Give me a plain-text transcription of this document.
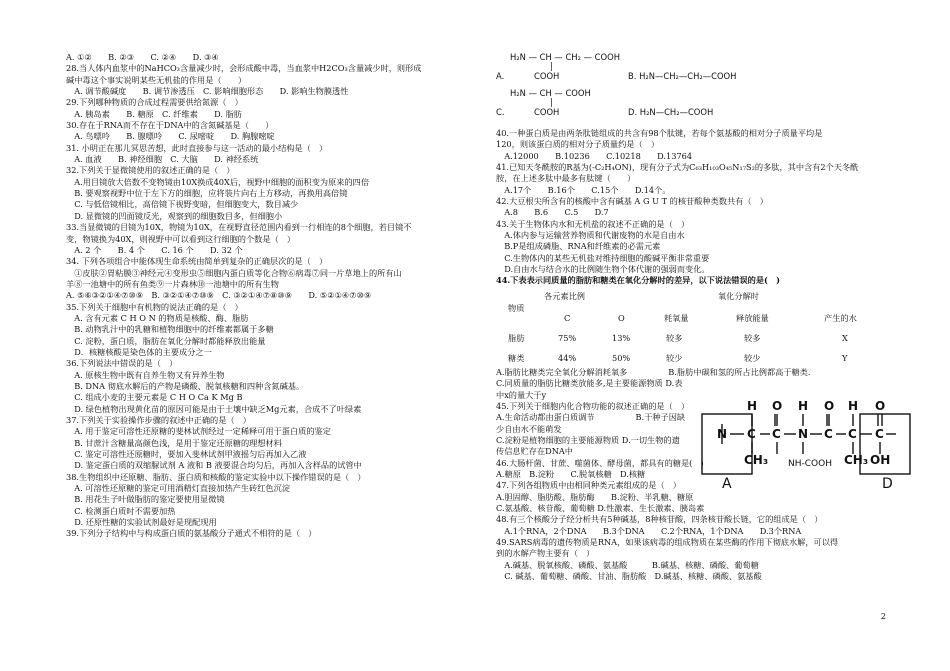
A. ①②　　B. ②③　　C. ②④　　D. ③④
28.当人体内血浆中的NaHCO₃含量减少时，会形成酸中毒，当血浆中H2CO₃含量减少时，则形成
碱中毒这个事实说明某些无机盐的作用是（　　）
　A. 调节酸碱度　　B. 调节渗透压　C. 影响细胞形态　　D. 影响生物膜透性
29.下列哪种物质的合成过程需要供给氮源（　）
　A. 胰岛素　　B. 糖原　C. 纤维素　　D. 脂肪
30.存在于RNA而不存在于DNA中的含氮碱基是（　　）
　A. 鸟嘌呤　　B. 腺嘌呤　　C. 尿嘧啶　　D. 胸腺嘧啶
31. 小明正在那儿冥思苦想，此时直接参与这一活动的最小结构是（　）
　A. 血液　　B. 神经细胞　C. 大脑　　D. 神经系统
32.下列关于显微镜使用的叙述正确的是（　）
　A.用目镜放大倍数不变物镜由10X换成40X后，视野中细胞的面积变为原来的四倍
　B. 要观察视野中位于左下方的细胞，应将装片向右上方移动，再换用高倍镜
　C. 与低倍镜相比，高倍镜下视野变暗，但细胞变大，数目减少
　D. 显微镜的凹面镜反光，观察到的细胞数目多，但细胞小
33.当显微镜的目镜为10X，物镜为10X，在视野直径范围内看到一行相连的8个细胞，若目镜不
变，物镜换为40X，则视野中可以看到这行细胞的个数是（　）
　A. 2 个　　B. 4 个　　C. 16 个　　D. 32 个
34. 下列各项组合中能体现生命系统由简单到复杂的正确层次的是（　）
　①皮肤②胃粘膜③神经元④变形虫⑤细胞内蛋白质等化合物⑥病毒⑦同一片草地上的所有山
羊⑧一池塘中的所有鱼类⑨一片森林⑩一池塘中的所有生物
A. ⑤⑥③②①④⑦⑩⑨　B. ③②①④⑦⑩⑨　C. ③②①④⑦⑧⑩⑨　　D. ⑤②①④⑦⑩⑨
35.下列关于细胞中有机物的说法正确的是（　）
　A. 含有元素 C H O N 的物质是核酸、酶、脂肪
　B. 动物乳汁中的乳糖和植物细胞中的纤维素都属于多糖
　C. 淀粉，蛋白质，脂肪在氧化分解时都能释放出能量
　D．核糖核酸是染色体的主要成分之一
36.下列说法中错误的是（　）
　A. 原核生物中既有自养生物又有异养生物
　B. DNA 彻底水解后的产物是磷酸、脱氧核糖和四种含氮碱基。
　C. 组成小麦的主要元素是 C H O Ca K Mg B
　D. 绿色植物出现黄化苗的原因可能是由于土壤中缺乏Mg元素，合成不了叶绿素
37.下列关于实验操作步骤的叙述中正确的是（　）
　A. 用于鉴定可溶性还原糖的斐林试剂经过一定稀释可用于蛋白质的鉴定
　B. 甘蔗汁含糖量高颜色浅，是用于鉴定还原糖的理想材料
　C. 鉴定可溶性还原糖时，要加入斐林试剂甲液摇匀后再加入乙液
　D. 鉴定蛋白质的双缩脲试剂 A 液和 B 液要混合均匀后，再加入含样品的试管中
38.生物组织中还原糖、脂肪、蛋白质和核酸的鉴定实验中以下操作错误的是（　）
　A. 可溶性还原糖的鉴定可用酒精灯直接加热产生砖红色沉淀
　B. 用花生子叶做脂肪的鉴定要使用显微镜
　C. 检测蛋白质时不需要加热
　D. 还原性糖的实验试剂最好是现配现用
39.下列分子结构中与构成蛋白质的氨基酸分子通式不相符的是（　）
H₂N — CH — CH₂ — COOH
|
COOH
A.	B. H₂N—CH₂—CH₂—COOH
H₂N — CH — COOH
|
COOH
C.	D. H₂N—CH₂—COOH
40.一种蛋白质是由两条肽链组成的共含有98个肽键，若每个氨基酸的相对分子质量平均是
120，则该蛋白质的相对分子质量约是（　）
　A.12000　　B.10236　　C.10218　　D.13764
41.已知天冬酰胺的R基为(-C₂H₄ON)，现有分子式为C₆₃H₁₀₃O₄₅N₁₇S₂的多肽，其中含有2个天冬酰
胺，在上述多肽中最多有肽键（　　）
　A.17个　　B.16个　　C.15个　　D.14个。
42.大豆根尖所含有的核酸中含有碱基 A G U T 的核苷酸种类数共有（　）
　A.8　　B.6　　C.5　　D.7
43.关于生物体内水和无机盐的叙述不正确的是（　）
　A.体内参与运输营养物质和代谢废物的水是自由水
　B.P是组成磷脂、RNA和纤维素的必需元素
　C.生物体内的某些无机盐对维持细胞的酸碱平衡非常重要
　D.自由水与结合水的比例随生物个体代谢的强弱而变化。
44.下表表示同质量的脂肪和糖类在氧化分解时的差异，以下说法错误的是(　)
各元素比例	氧化分解时
物质
C	O	耗氧量	释放能量	产生的水
脂肪	75%	13%	较多	较多	X
糖类	44%	50%	较少	较少	Y
A.脂肪比糖类完全氧化分解消耗氧多　　　　　B.脂肪中碳和氢的所占比例都高于糖类.
C.同质量的脂肪比糖类放能多,是主要能源物质 D.表
中x的量大于y
45.下列关于细胞内化合物功能的叙述正确的是（　）
A.生命活动都由蛋白质调节　　　　　B.干种子因缺
少自由水不能萌发
C.淀粉是植物细胞的主要能源物质 D.一切生物的遗
传信息贮存在DNA中
46.大肠杆菌、甘蔗、噬菌体、酵母菌，都具有的糖是(　)
A.糖原　B.淀粉　　C.脱氧核糖　D.核糖
47.下列各组物质中由相同种类元素组成的是（　）
A.胆固醇、脂肪酸、脂肪酶　　B.淀粉、半乳糖、糖原
C.氨基酸、核苷酸、葡萄糖 D.性激素、生长激素、胰岛素
48.有三个核酸分子经分析共有5种碱基，8种核苷酸，四条核苷酸长链，它的组成是（　）
　A.1个RNA，2个DNA　　B.3个DNA　　C.2个RNA，1个DNA　　D.3个RNA
49.SARS病毒的遗传物质是RNA，如果该病毒的组成物质在某些酶的作用下彻底水解，可以得
到的水解产物主要有（　）
　A.碱基、脱氧核酸、磷酸、氨基酸　　　B.碱基、核糖、磷酸、葡萄糖
　C. 碱基、葡萄糖、磷酸、甘油、脂肪酸　D.碱基、核糖、磷酸、氨基酸
N
H
C
CH₃
O
C
H
N
O
C
H
C
CH₃
O
C
OH
NH-COOH
A	D
2
